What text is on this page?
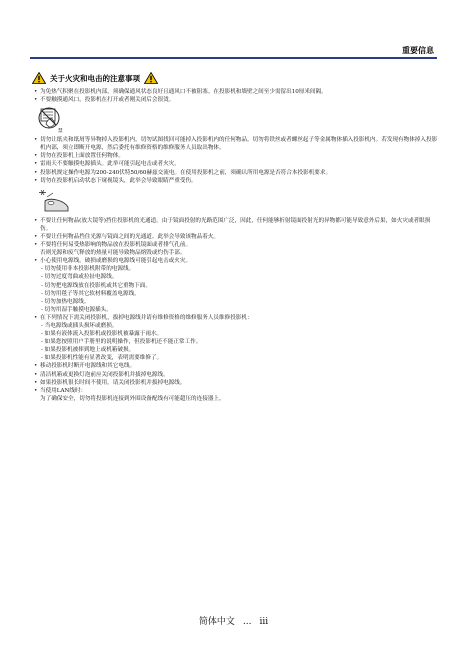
重要信息
关于火灾和电击的注意事项

• 为免热气积聚在投影机内部，须确保通风状态良好且通风口不被阻塞。在投影机和墙壁之间至少需留出10厘米间隔。

• 不要触摸通风口，投影机在打开或者刚关闭后会很烫。

禁

• 切勿让纸夹和纸屑等异物掉入投影机内。切勿试图找回可能掉入投影机内的任何物品。切勿将铁丝或者螺丝起子等金属物体插入投影机内。若发现有物体掉入投影机内部，须立即断开电源，然后委托有维修资格的维修服务人员取出物体。

• 切勿在投影机上面放置任何物体。

• 雷雨天不要触摸电源插头。此举可能引起电击或者火灾。

• 投影机规定操作电源为200-240伏特50/60赫兹交流电。在使用投影机之前，须确认所用电源是否符合本投影机要求。

• 切勿在投影机启动状态下窥视镜头，此举会导致眼睛严重受伤。

• 不要让任何物品(放大镜等)挡住投影机的光通道。由于镜面投射的光路范围广泛，因此，任何能够折射镜面投射光的异物都可能导致意外后果，如火灾或者眼损伤。

• 不要让任何物品挡住光源与镜面之间的光通道。此举会导致该物品着火。

• 不要将任何易受热影响的物品放在投影机镜面或者排气孔前。

否则光源和废气释放的热量可能导致物品熔毁或灼伤手部。

• 小心使用电源线。破损或磨损的电源线可能引起电击或火灾。

- 切勿使用非本投影机附带的电源线。

- 切勿过度弯曲或拉扯电源线。

- 切勿把电源线放在投影机或其它重物下面。

- 切勿用毯子等其它软材料覆盖电源线。

- 切勿加热电源线。

- 切勿用湿手触摸电源插头。

• 在下列情况下需关闭投影机，拔掉电源线并请有维修资格的维修服务人员维修投影机：

- 当电源线或插头损坏或磨损。

- 如果有液体流入投影机或投影机被暴露于雨水。

- 如果您按照用户手册里的说明操作，但投影机还不能正常工作。

- 如果投影机被摔到地上或机箱破损。

- 如果投影机性能有显著改变，表明需要维修了。

• 移动投影机时断开电源线和其它电线。

• 清洁机箱或更换灯泡前应关闭投影机并拔掉电源线。

• 如果投影机很长时间不使用，请关闭投影机并拔掉电源线。

• 当使用LAN线时：

为了确保安全，切勿将投影机连接到外围设备配线有可能超压的连接器上。

简体中文 ... iii
